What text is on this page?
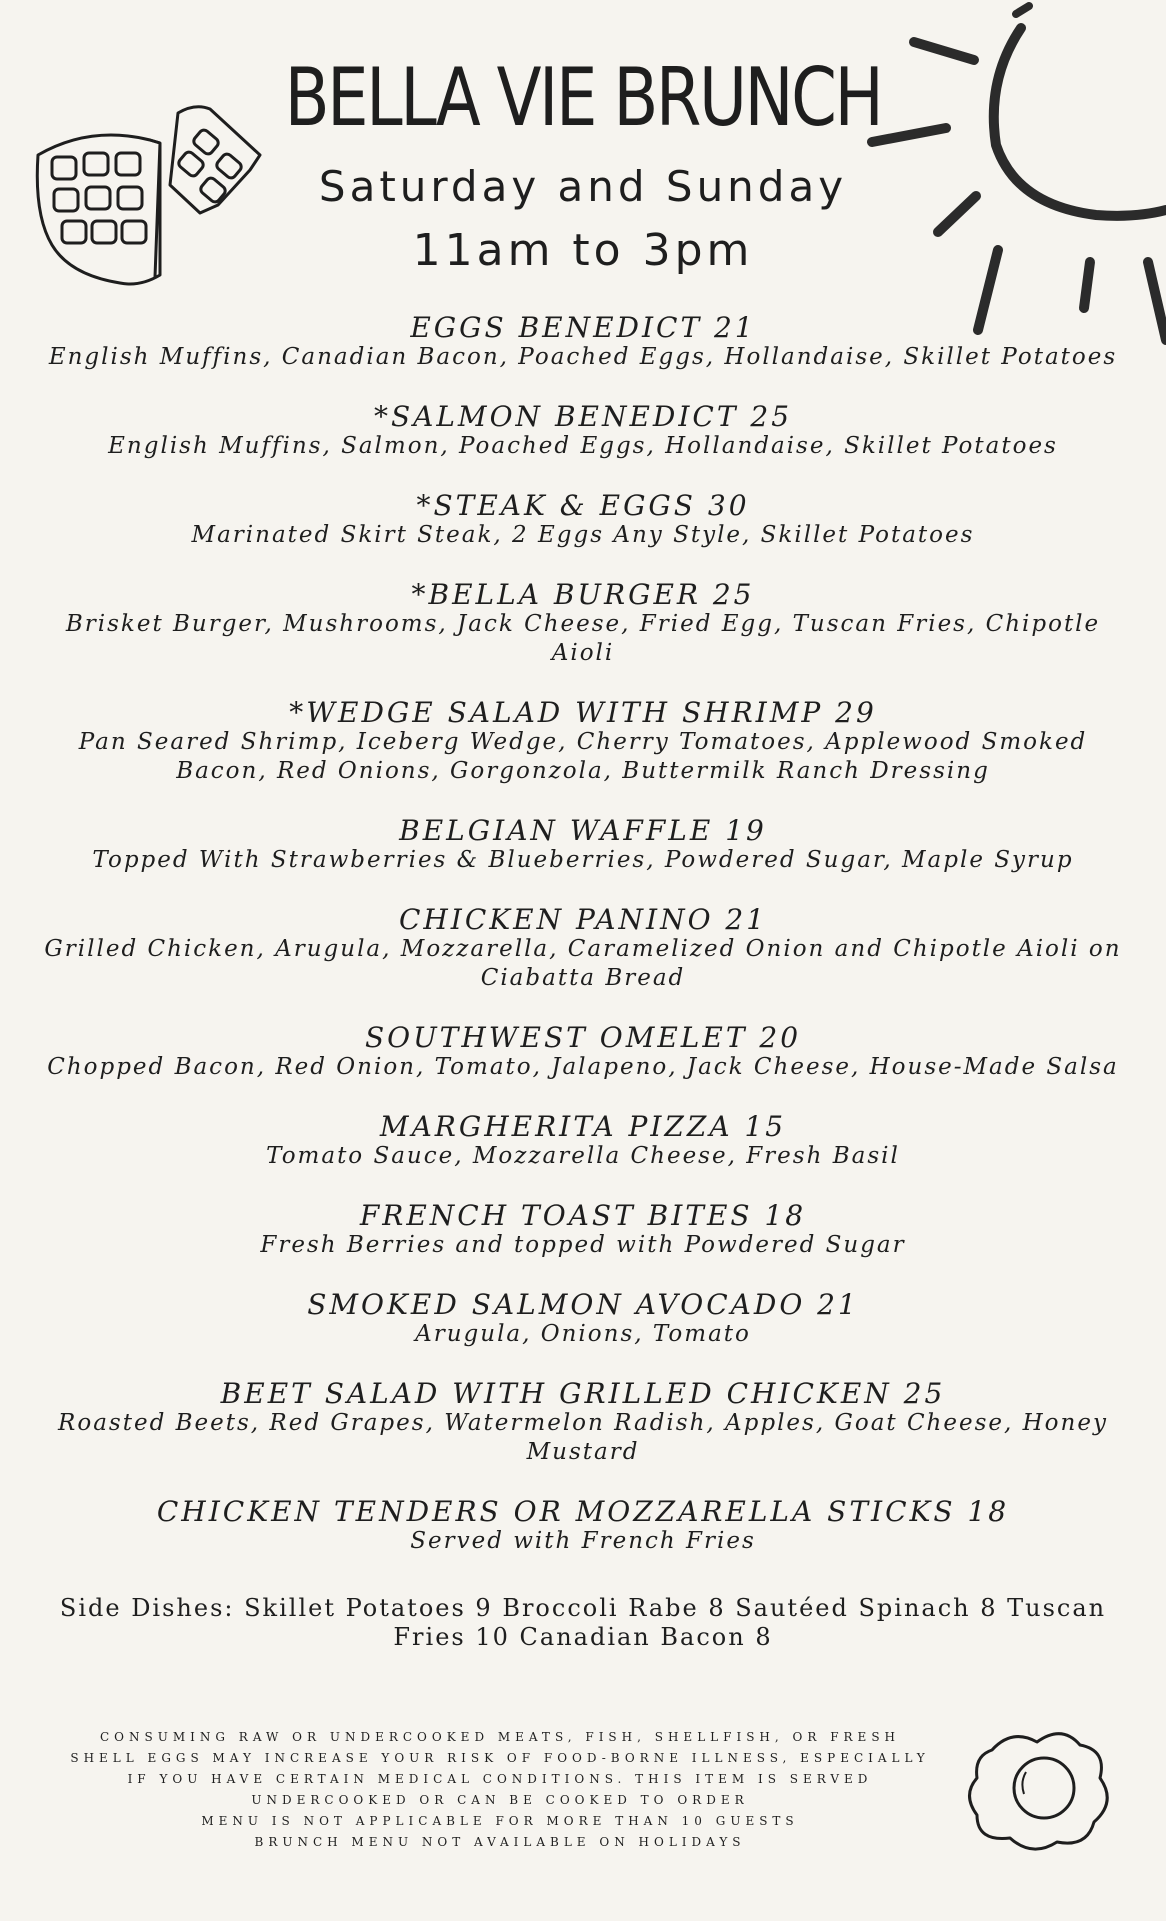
BELLA VIE BRUNCH
Saturday and Sunday
11am to 3pm
EGGS BENEDICT 21
English Muffins, Canadian Bacon, Poached Eggs, Hollandaise, Skillet Potatoes
*SALMON BENEDICT 25
English Muffins, Salmon, Poached Eggs, Hollandaise, Skillet Potatoes
*STEAK & EGGS 30
Marinated Skirt Steak, 2 Eggs Any Style, Skillet Potatoes
*BELLA BURGER 25
Brisket Burger, Mushrooms, Jack Cheese, Fried Egg, Tuscan Fries, Chipotle Aioli
*WEDGE SALAD WITH SHRIMP 29
Pan Seared Shrimp, Iceberg Wedge, Cherry Tomatoes, Applewood Smoked Bacon, Red Onions, Gorgonzola, Buttermilk Ranch Dressing
BELGIAN WAFFLE 19
Topped With Strawberries & Blueberries, Powdered Sugar, Maple Syrup
CHICKEN PANINO 21
Grilled Chicken, Arugula, Mozzarella, Caramelized Onion and Chipotle Aioli on Ciabatta Bread
SOUTHWEST OMELET 20
Chopped Bacon, Red Onion, Tomato, Jalapeno, Jack Cheese, House-Made Salsa
MARGHERITA PIZZA 15
Tomato Sauce, Mozzarella Cheese, Fresh Basil
FRENCH TOAST BITES 18
Fresh Berries and topped with Powdered Sugar
SMOKED SALMON AVOCADO 21
Arugula, Onions, Tomato
BEET SALAD WITH GRILLED CHICKEN 25
Roasted Beets, Red Grapes, Watermelon Radish, Apples, Goat Cheese, Honey Mustard
CHICKEN TENDERS OR MOZZARELLA STICKS 18
Served with French Fries
Side Dishes: Skillet Potatoes 9 Broccoli Rabe 8 Sautéed Spinach 8 Tuscan Fries 10 Canadian Bacon 8
CONSUMING RAW OR UNDERCOOKED MEATS, FISH, SHELLFISH, OR FRESH
SHELL EGGS MAY INCREASE YOUR RISK OF FOOD-BORNE ILLNESS, ESPECIALLY
IF YOU HAVE CERTAIN MEDICAL CONDITIONS. THIS ITEM IS SERVED
UNDERCOOKED OR CAN BE COOKED TO ORDER
MENU IS NOT APPLICABLE FOR MORE THAN 10 GUESTS
BRUNCH MENU NOT AVAILABLE ON HOLIDAYS
